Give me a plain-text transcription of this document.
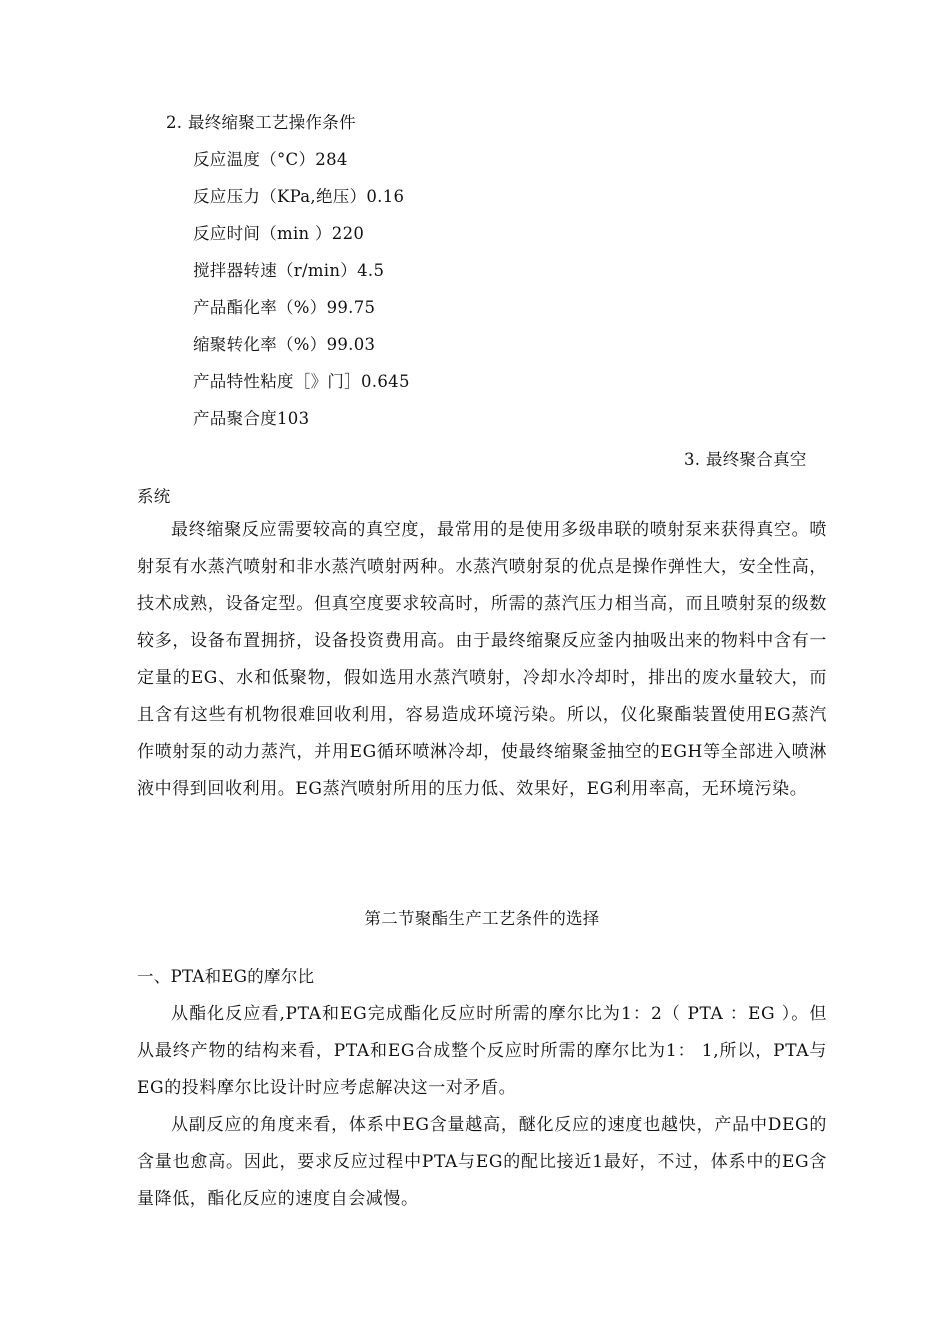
2. 最终缩聚工艺操作条件
反应温度（°C）284
反应压力（KPa,绝压）0.16
反应时间（min ）220
搅拌器转速（r/min）4.5
产品酯化率（%）99.75
缩聚转化率（%）99.03
产品特性粘度［》门］0.645
产品聚合度103
3. 最终聚合真空
系统
最终缩聚反应需要较高的真空度，最常用的是使用多级串联的喷射泵来获得真空。喷射泵有水蒸汽喷射和非水蒸汽喷射两种。水蒸汽喷射泵的优点是操作弹性大，安全性高，技术成熟，设备定型。但真空度要求较高时，所需的蒸汽压力相当高，而且喷射泵的级数较多，设备布置拥挤，设备投资费用高。由于最终缩聚反应釜内抽吸出来的物料中含有一定量的EG、水和低聚物，假如选用水蒸汽喷射，冷却水冷却时，排出的废水量较大，而且含有这些有机物很难回收利用，容易造成环境污染。所以，仪化聚酯装置使用EG蒸汽作喷射泵的动力蒸汽，并用EG循环喷淋冷却，使最终缩聚釜抽空的EGH等全部进入喷淋液中得到回收利用。EG蒸汽喷射所用的压力低、效果好，EG利用率高，无环境污染。
第二节聚酯生产工艺条件的选择
一、PTA和EG的摩尔比
从酯化反应看,PTA和EG完成酯化反应时所需的摩尔比为1：2（ PTA ：EG ）。但从最终产物的结构来看，PTA和EG合成整个反应时所需的摩尔比为1： 1,所以，PTA与EG的投料摩尔比设计时应考虑解决这一对矛盾。
从副反应的角度来看，体系中EG含量越高，醚化反应的速度也越快，产品中DEG的含量也愈高。因此，要求反应过程中PTA与EG的配比接近1最好，不过，体系中的EG含量降低，酯化反应的速度自会减慢。
